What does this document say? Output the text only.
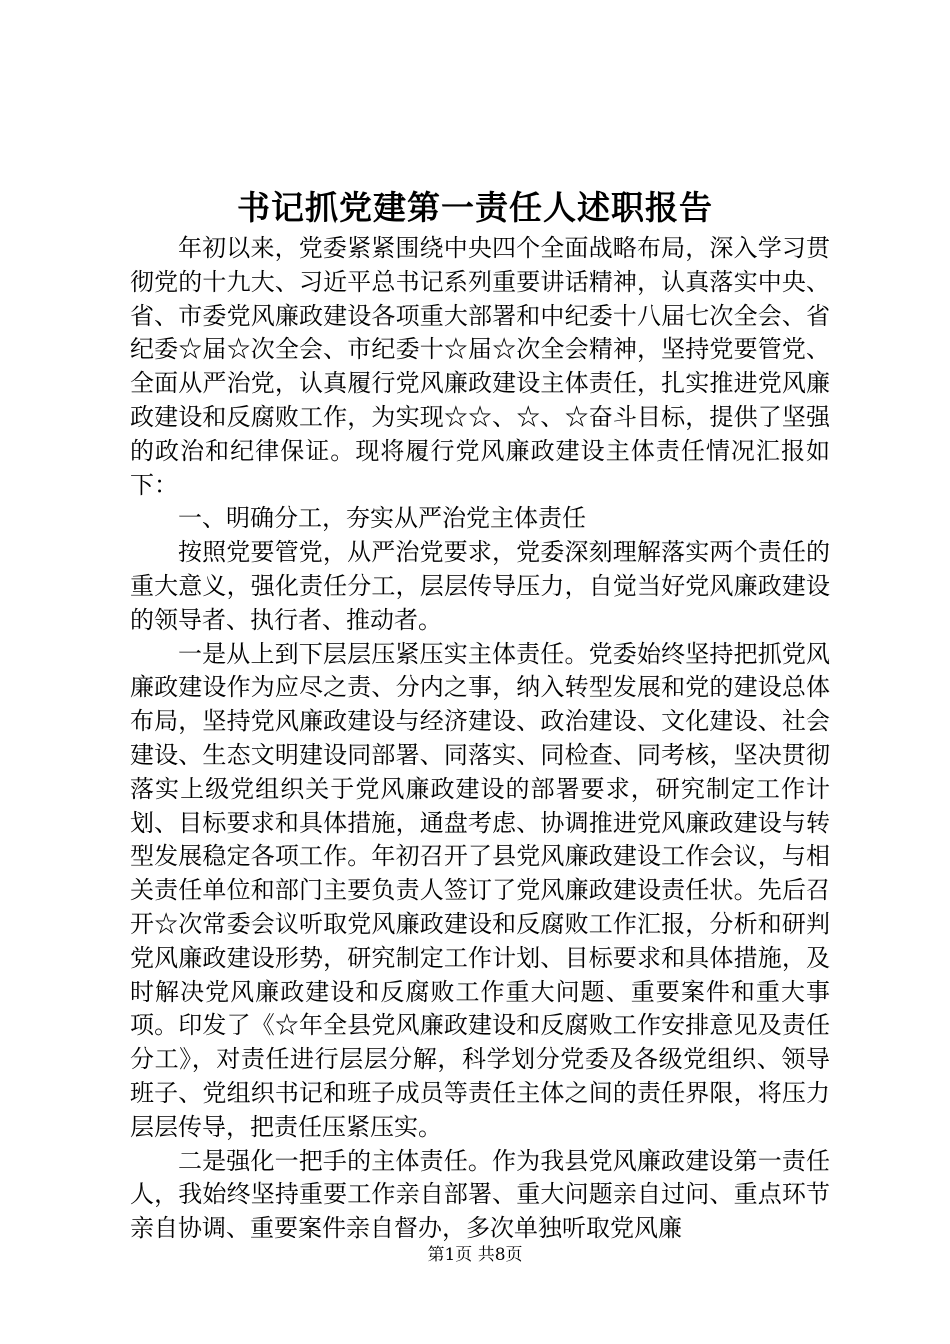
书记抓党建第一责任人述职报告

年初以来，党委紧紧围绕中央四个全面战略布局，深入学习贯彻党的十九大、习近平总书记系列重要讲话精神，认真落实中央、省、市委党风廉政建设各项重大部署和中纪委十八届七次全会、省纪委☆届☆次全会、市纪委十☆届☆次全会精神，坚持党要管党、全面从严治党，认真履行党风廉政建设主体责任，扎实推进党风廉政建设和反腐败工作，为实现☆☆、☆、☆奋斗目标，提供了坚强的政治和纪律保证。现将履行党风廉政建设主体责任情况汇报如下：

一、明确分工，夯实从严治党主体责任

按照党要管党，从严治党要求，党委深刻理解落实两个责任的重大意义，强化责任分工，层层传导压力，自觉当好党风廉政建设的领导者、执行者、推动者。

一是从上到下层层压紧压实主体责任。党委始终坚持把抓党风廉政建设作为应尽之责、分内之事，纳入转型发展和党的建设总体布局，坚持党风廉政建设与经济建设、政治建设、文化建设、社会建设、生态文明建设同部署、同落实、同检查、同考核，坚决贯彻落实上级党组织关于党风廉政建设的部署要求，研究制定工作计划、目标要求和具体措施，通盘考虑、协调推进党风廉政建设与转型发展稳定各项工作。年初召开了县党风廉政建设工作会议，与相关责任单位和部门主要负责人签订了党风廉政建设责任状。先后召开☆次常委会议听取党风廉政建设和反腐败工作汇报，分析和研判党风廉政建设形势，研究制定工作计划、目标要求和具体措施，及时解决党风廉政建设和反腐败工作重大问题、重要案件和重大事项。印发了《☆年全县党风廉政建设和反腐败工作安排意见及责任分工》，对责任进行层层分解，科学划分党委及各级党组织、领导班子、党组织书记和班子成员等责任主体之间的责任界限，将压力层层传导，把责任压紧压实。

二是强化一把手的主体责任。作为我县党风廉政建设第一责任人，我始终坚持重要工作亲自部署、重大问题亲自过问、重点环节亲自协调、重要案件亲自督办，多次单独听取党风廉

第1页 共8页
